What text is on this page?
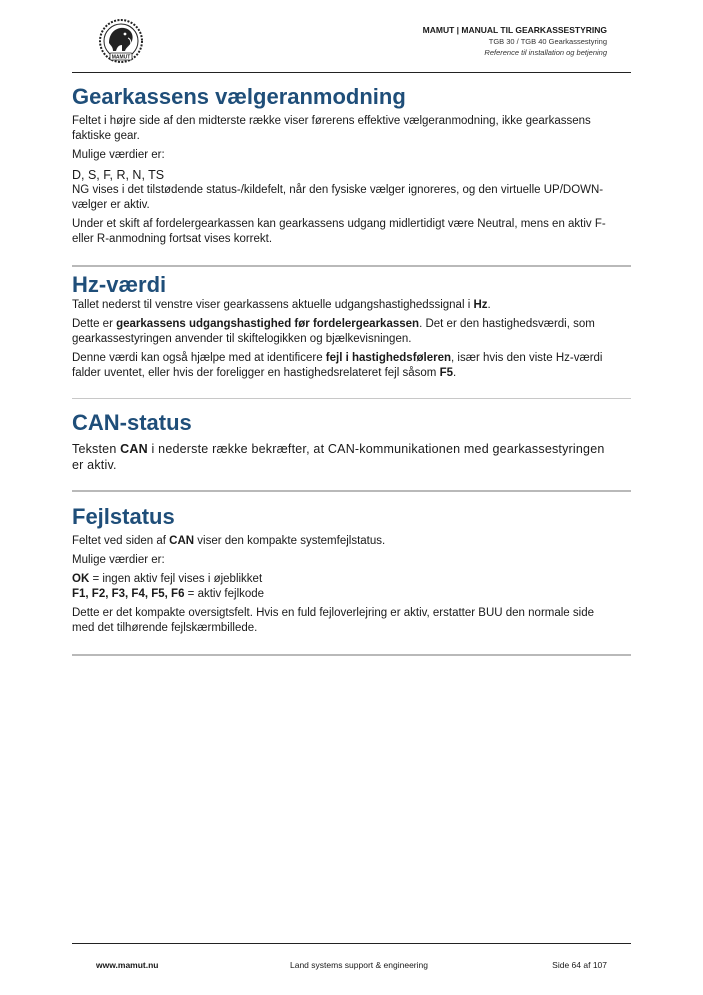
MAMUT
MAMUT | MANUAL TIL GEARKASSESTYRING
TGB 30 / TGB 40 Gearkassestyring
Reference til installation og betjening
Gearkassens vælgeranmodning

Feltet i højre side af den midterste række viser førerens effektive vælgeranmodning, ikke gearkassens faktiske gear.

Mulige værdier er:

D, S, F, R, N, TS

NG vises i det tilstødende status-/kildefelt, når den fysiske vælger ignoreres, og den virtuelle UP/DOWN-vælger er aktiv.

Under et skift af fordelergearkassen kan gearkassens udgang midlertidigt være Neutral, mens en aktiv F- eller R-anmodning fortsat vises korrekt.

Hz-værdi

Tallet nederst til venstre viser gearkassens aktuelle udgangshastighedssignal i Hz.

Dette er gearkassens udgangshastighed før fordelergearkassen. Det er den hastighedsværdi, som gearkassestyringen anvender til skiftelogikken og bjælkevisningen.

Denne værdi kan også hjælpe med at identificere fejl i hastighedsføleren, især hvis den viste Hz-værdi falder uventet, eller hvis der foreligger en hastighedsrelateret fejl såsom F5.

CAN-status

Teksten CAN i nederste række bekræfter, at CAN-kommunikationen med gearkassestyringen er aktiv.

Fejlstatus

Feltet ved siden af CAN viser den kompakte systemfejlstatus.

Mulige værdier er:

OK = ingen aktiv fejl vises i øjeblikket

F1, F2, F3, F4, F5, F6 = aktiv fejlkode

Dette er det kompakte oversigtsfelt. Hvis en fuld fejloverlejring er aktiv, erstatter BUU den normale side med det tilhørende fejlskærmbillede.

www.mamut.nu	Land systems support & engineering	Side 64 af 107
